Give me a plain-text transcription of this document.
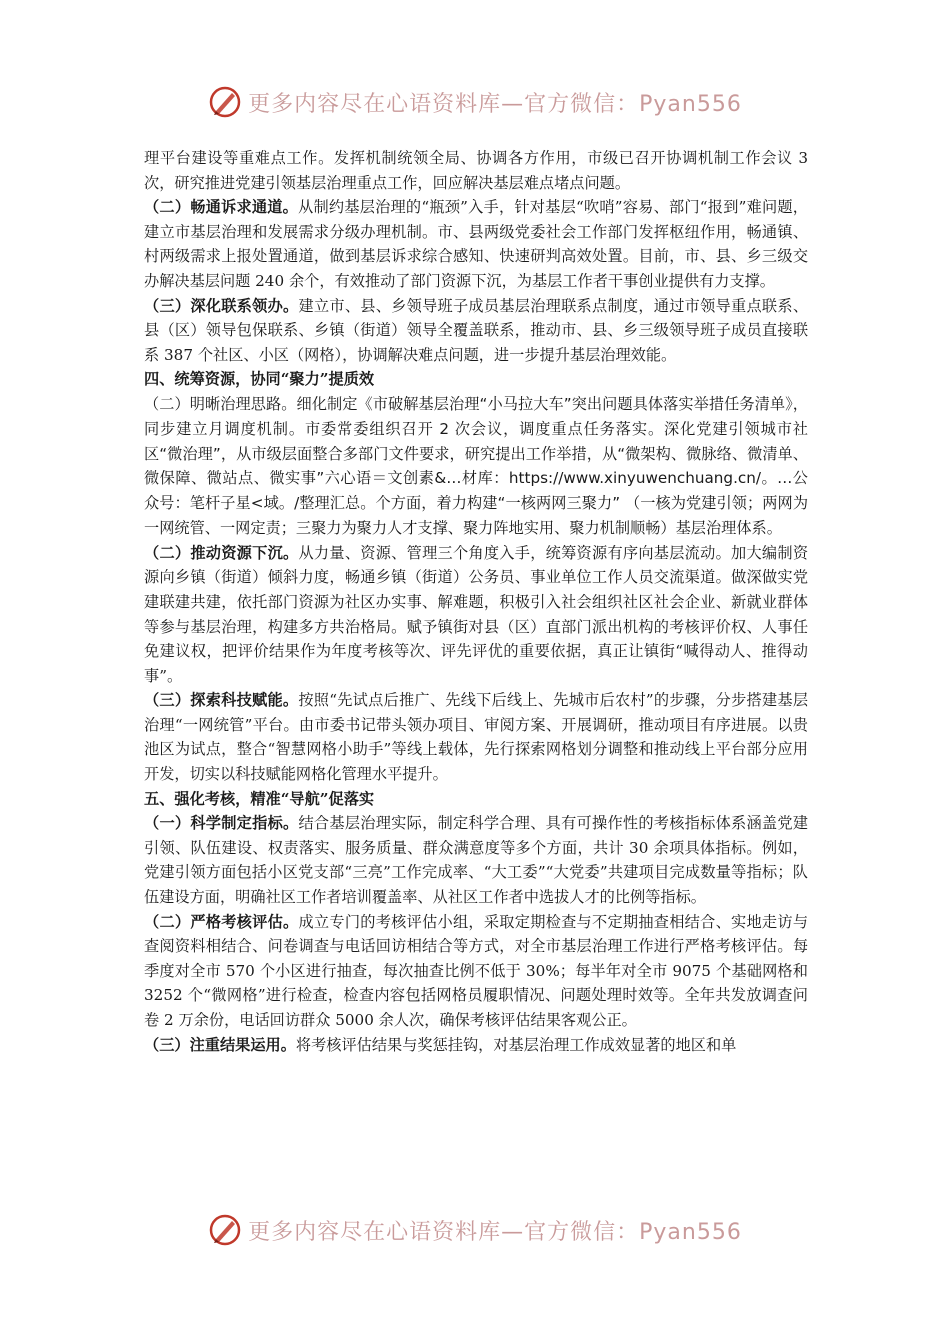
更多内容尽在心语资料库—官方微信：Pyan556

理平台建设等重难点工作。发挥机制统领全局、协调各方作用，市级已召开协调机制工作会议 3 次，研究推进党建引领基层治理重点工作，回应解决基层难点堵点问题。

（二）畅通诉求通道。从制约基层治理的“瓶颈”入手，针对基层“吹哨”容易、部门“报到”难问题，建立市基层治理和发展需求分级办理机制。市、县两级党委社会工作部门发挥枢纽作用，畅通镇、村两级需求上报处置通道，做到基层诉求综合感知、快速研判高效处置。目前，市、县、乡三级交办解决基层问题 240 余个，有效推动了部门资源下沉，为基层工作者干事创业提供有力支撑。

（三）深化联系领办。建立市、县、乡领导班子成员基层治理联系点制度，通过市领导重点联系、县（区）领导包保联系、乡镇（街道）领导全覆盖联系，推动市、县、乡三级领导班子成员直接联系 387 个社区、小区（网格），协调解决难点问题，进一步提升基层治理效能。

四、统筹资源，协同“聚力”提质效

（二）明晰治理思路。细化制定《市破解基层治理“小马拉大车”突出问题具体落实举措任务清单》，同步建立月调度机制。市委常委组织召开 2 次会议，调度重点任务落实。深化党建引领城市社区“微治理”，从市级层面整合多部门文件要求，研究提出工作举措，从“微架构、微脉络、微清单、微保障、微站点、微实事”六心语＝文创素&…材库：https://www.xinyuwenchuang.cn/。…公众号：笔杆子星<域。/整理汇总。个方面，着力构建“一核两网三聚力” （一核为党建引领；两网为一网统管、一网定责；三聚力为聚力人才支撑、聚力阵地实用、聚力机制顺畅）基层治理体系。

（二）推动资源下沉。从力量、资源、管理三个角度入手，统筹资源有序向基层流动。加大编制资源向乡镇（街道）倾斜力度，畅通乡镇（街道）公务员、事业单位工作人员交流渠道。做深做实党建联建共建，依托部门资源为社区办实事、解难题，积极引入社会组织社区社会企业、新就业群体等参与基层治理，构建多方共治格局。赋予镇街对县（区）直部门派出机构的考核评价权、人事任免建议权，把评价结果作为年度考核等次、评先评优的重要依据，真正让镇街“喊得动人、推得动事”。

（三）探索科技赋能。按照“先试点后推广、先线下后线上、先城市后农村”的步骤，分步搭建基层治理“一网统管”平台。由市委书记带头领办项目、审阅方案、开展调研，推动项目有序进展。以贵池区为试点，整合“智慧网格小助手”等线上载体，先行探索网格划分调整和推动线上平台部分应用开发，切实以科技赋能网格化管理水平提升。

五、强化考核，精准“导航”促落实

（一）科学制定指标。结合基层治理实际，制定科学合理、具有可操作性的考核指标体系涵盖党建引领、队伍建设、权责落实、服务质量、群众满意度等多个方面，共计 30 余项具体指标。例如，党建引领方面包括小区党支部“三亮”工作完成率、“大工委”“大党委”共建项目完成数量等指标；队伍建设方面，明确社区工作者培训覆盖率、从社区工作者中选拔人才的比例等指标。

（二）严格考核评估。成立专门的考核评估小组，采取定期检查与不定期抽查相结合、实地走访与查阅资料相结合、问卷调查与电话回访相结合等方式，对全市基层治理工作进行严格考核评估。每季度对全市 570 个小区进行抽查，每次抽查比例不低于 30%；每半年对全市 9075 个基础网格和 3252 个“微网格”进行检查，检查内容包括网格员履职情况、问题处理时效等。全年共发放调查问卷 2 万余份，电话回访群众 5000 余人次，确保考核评估结果客观公正。

（三）注重结果运用。将考核评估结果与奖惩挂钩，对基层治理工作成效显著的地区和单

更多内容尽在心语资料库—官方微信：Pyan556
